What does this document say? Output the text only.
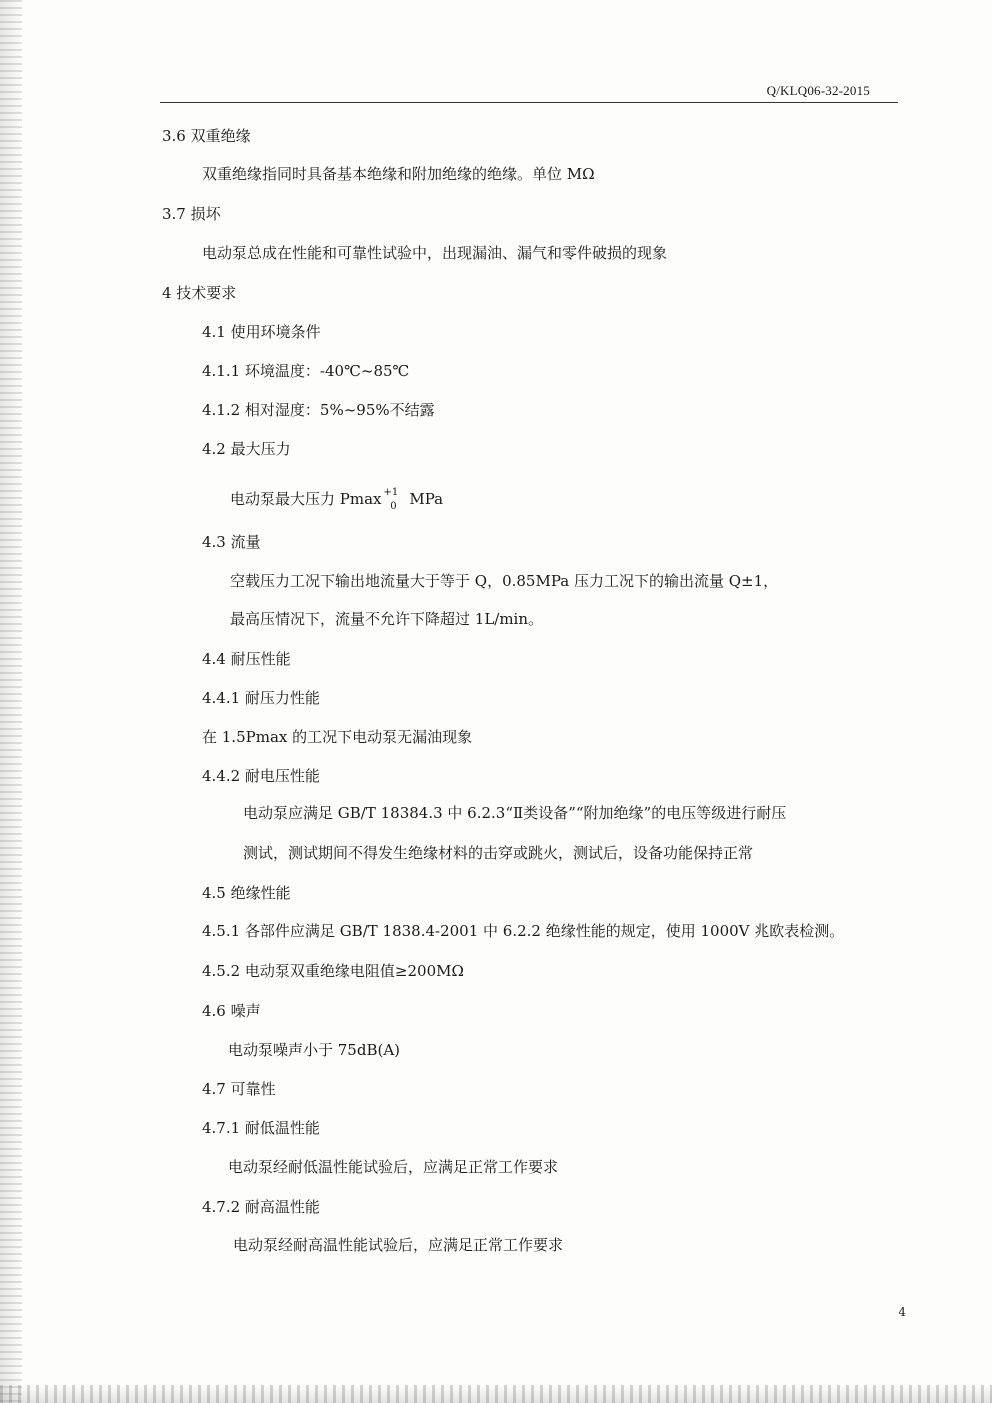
Q/KLQ06-32-2015
3.6 双重绝缘
双重绝缘指同时具备基本绝缘和附加绝缘的绝缘。单位 MΩ
3.7 损坏
电动泵总成在性能和可靠性试验中，出现漏油、漏气和零件破损的现象
4 技术要求
4.1 使用环境条件
4.1.1 环境温度：-40℃~85℃
4.1.2 相对湿度：5%~95%不结露
4.2 最大压力
电动泵最大压力 Pmax $^{+1}_0$ MPa
4.3 流量
空载压力工况下输出地流量大于等于 Q，0.85MPa 压力工况下的输出流量 Q±1，
最高压情况下，流量不允许下降超过 1L/min。
4.4 耐压性能
4.4.1 耐压力性能
在 1.5Pmax 的工况下电动泵无漏油现象
4.4.2 耐电压性能
电动泵应满足 GB/T 18384.3 中 6.2.3“Ⅱ类设备”“附加绝缘”的电压等级进行耐压
测试，测试期间不得发生绝缘材料的击穿或跳火，测试后，设备功能保持正常
4.5 绝缘性能
4.5.1 各部件应满足 GB/T 1838.4-2001 中 6.2.2 绝缘性能的规定，使用 1000V 兆欧表检测。
4.5.2 电动泵双重绝缘电阻值≥200MΩ
4.6 噪声
电动泵噪声小于 75dB(A)
4.7 可靠性
4.7.1 耐低温性能
电动泵经耐低温性能试验后，应满足正常工作要求
4.7.2 耐高温性能
电动泵经耐高温性能试验后，应满足正常工作要求
4
